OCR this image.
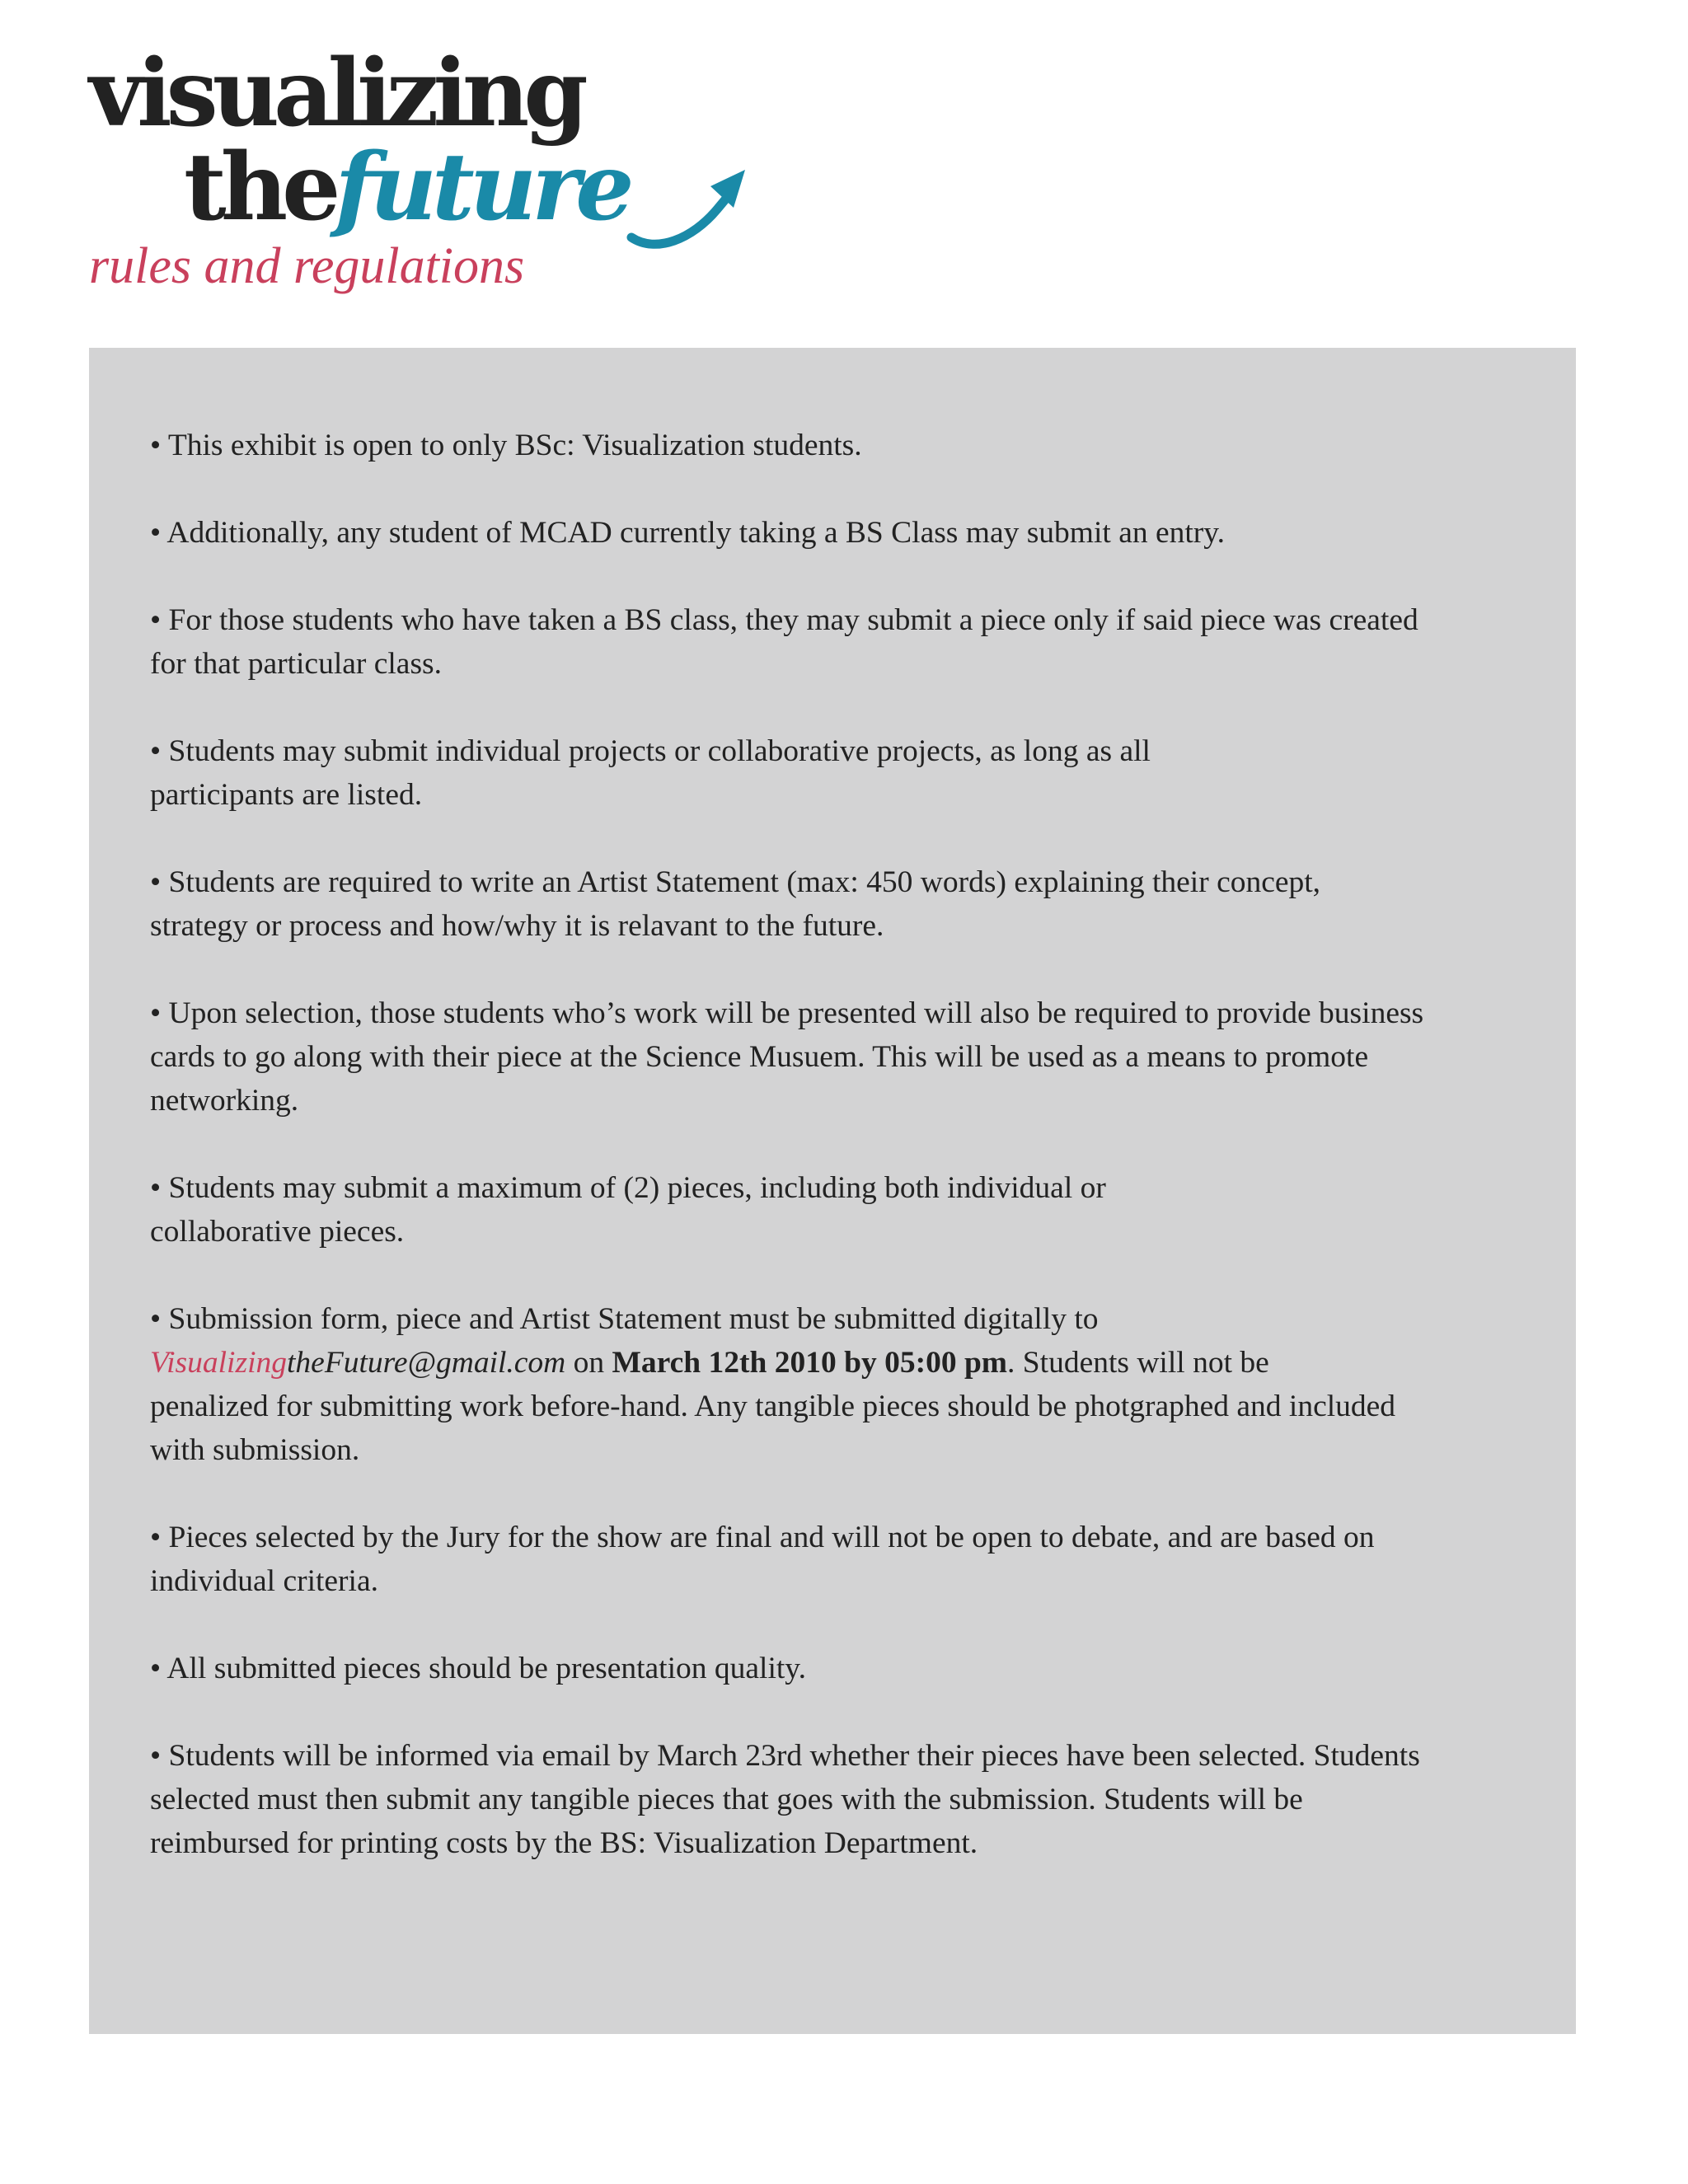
visualizing
thefuture
rules and regulations

• This exhibit is open to only BSc: Visualization students.

• Additionally, any student of MCAD currently taking a BS Class may submit an entry.

• For those students who have taken a BS class, they may submit a piece only if said piece was created
for that particular class.

• Students may submit individual projects or collaborative projects, as long as all
participants are listed.

• Students are required to write an Artist Statement (max: 450 words) explaining their concept,
strategy or process and how/why it is relavant to the future.

• Upon selection, those students who’s work will be presented will also be required to provide business
cards to go along with their piece at the Science Musuem. This will be used as a means to promote
networking.

• Students may submit a maximum of (2) pieces, including both individual or
collaborative pieces.

• Submission form, piece and Artist Statement must be submitted digitally to
VisualizingtheFuture@gmail.com on March 12th 2010 by 05:00 pm. Students will not be
penalized for submitting work before-hand. Any tangible pieces should be photgraphed and included
with submission.

• Pieces selected by the Jury for the show are final and will not be open to debate, and are based on
individual criteria.

• All submitted pieces should be presentation quality.

• Students will be informed via email by March 23rd whether their pieces have been selected. Students
selected must then submit any tangible pieces that goes with the submission. Students will be
reimbursed for printing costs by the BS: Visualization Department.
